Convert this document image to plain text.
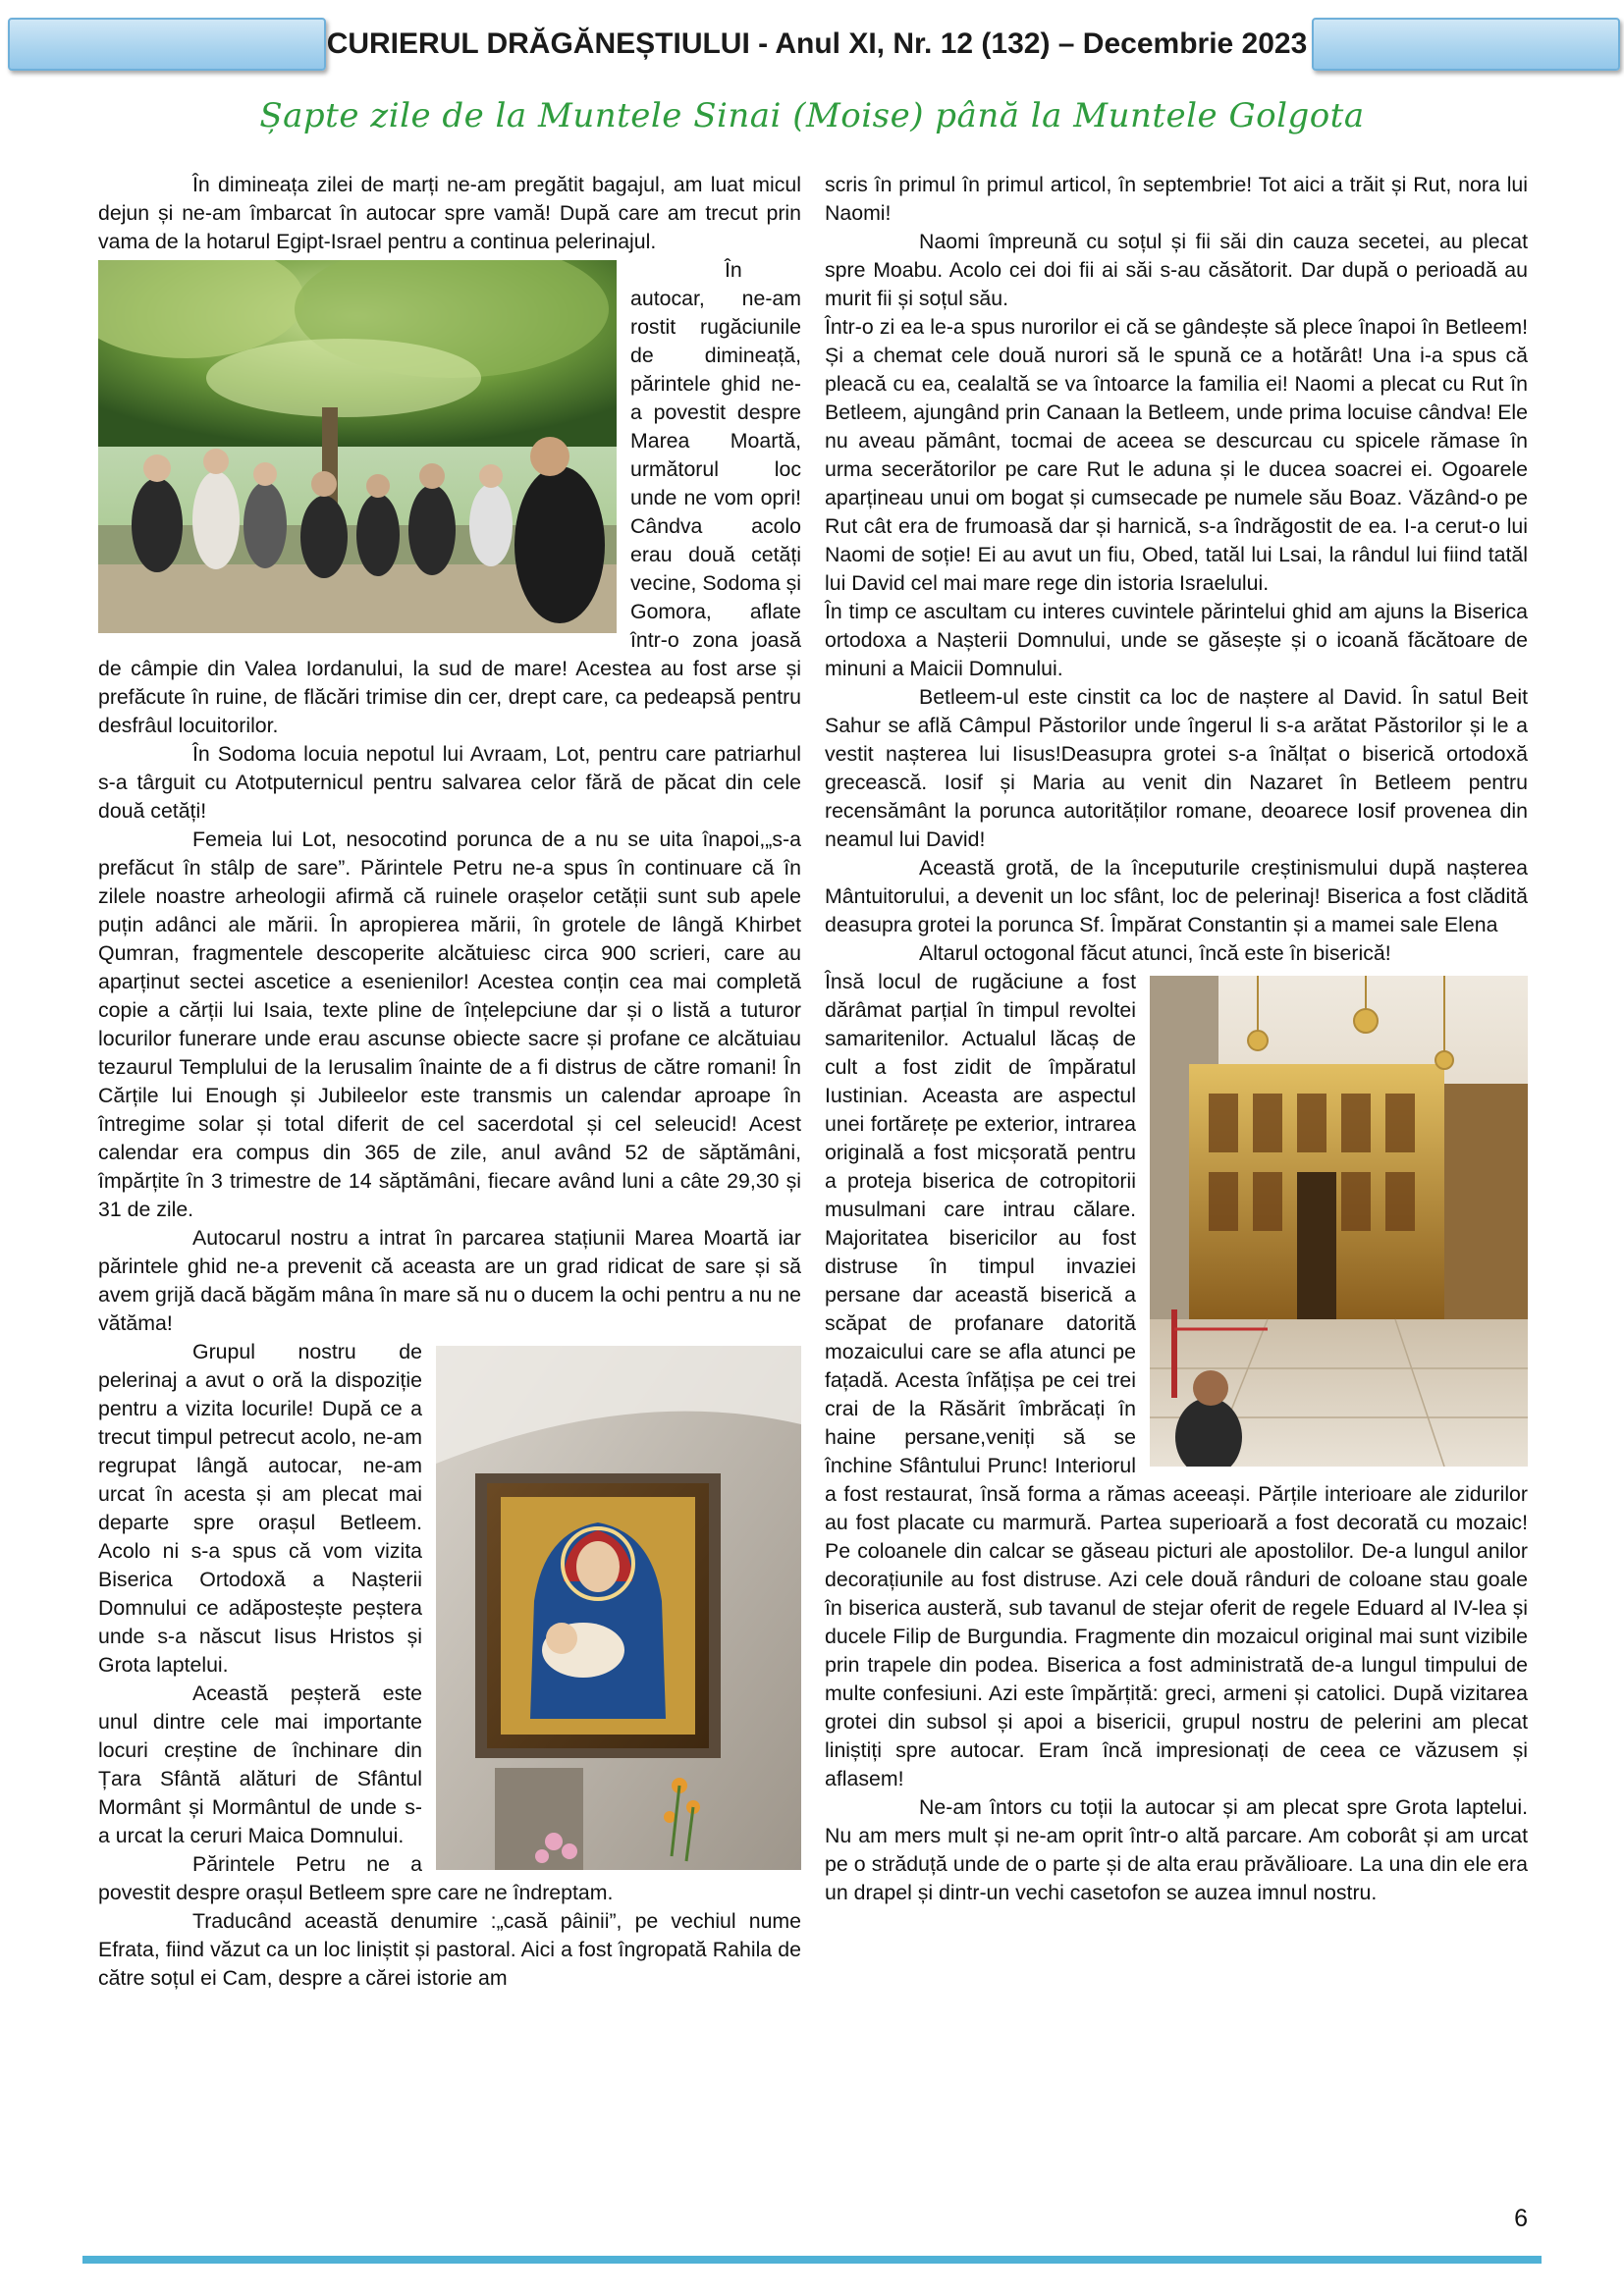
CURIERUL DRĂGĂNEȘTIULUI - Anul XI, Nr. 12 (132) – Decembrie 2023
Șapte zile de la Muntele Sinai (Moise) până la Muntele Golgota

În dimineața zilei de marți ne-am pregătit bagajul, am luat micul dejun și ne-am îmbarcat în autocar spre vamă! După care am trecut prin vama de la hotarul Egipt-Israel pentru a continua pelerinajul.

În autocar, ne-am rostit rugăciunile de dimineață, părintele ghid ne-a povestit despre Marea Moartă, următorul loc unde ne vom opri! Cândva acolo erau două cetăți vecine, Sodoma și Gomora, aflate într-o zona joasă de câmpie din Valea Iordanului, la sud de mare! Acestea au fost arse și prefăcute în ruine, de flăcări trimise din cer, drept care, ca pedeapsă pentru desfrâul locuitorilor.

În Sodoma locuia nepotul lui Avraam, Lot, pentru care patriarhul s-a târguit cu Atotputernicul pentru salvarea celor fără de păcat din cele două cetăți!

Femeia lui Lot, nesocotind porunca de a nu se uita înapoi,„s-a prefăcut în stâlp de sare”. Părintele Petru ne-a spus în continuare că în zilele noastre arheologii afirmă că ruinele orașelor cetății sunt sub apele puțin adânci ale mării. În apropierea mării, în grotele de lângă Khirbet Qumran, fragmentele descoperite alcătuiesc circa 900 scrieri, care au aparținut sectei ascetice a esenienilor! Acestea conțin cea mai completă copie a cărții lui Isaia, texte pline de înțelepciune dar și o listă a tuturor locurilor funerare unde erau ascunse obiecte sacre și profane ce alcătuiau tezaurul Templului de la Ierusalim înainte de a fi distrus de către romani! În Cărțile lui Enough și Jubileelor este transmis un calendar aproape în întregime solar și total diferit de cel sacerdotal și cel seleucid! Acest calendar era compus din 365 de zile, anul având 52 de săptămâni, împărțite în 3 trimestre de 14 săptămâni, fiecare având luni a câte 29,30 și 31 de zile.

Autocarul nostru a intrat în parcarea stațiunii Marea Moartă iar părintele ghid ne-a prevenit că aceasta are un grad ridicat de sare și să avem grijă dacă băgăm mâna în mare să nu o ducem la ochi pentru a nu ne vătăma!

Grupul nostru de pelerinaj a avut o oră la dispoziție pentru a vizita locurile! După ce a trecut timpul petrecut acolo, ne-am regrupat lângă autocar, ne-am urcat în acesta și am plecat mai departe spre orașul Betleem. Acolo ni s-a spus că vom vizita Biserica Ortodoxă a Nașterii Domnului ce adăpostește peștera unde s-a născut Iisus Hristos și Grota laptelui.

Această peșteră este unul dintre cele mai importante locuri creștine de închinare din Țara Sfântă alături de Sfântul Mormânt și Mormântul de unde s-a urcat la ceruri Maica Domnului.

Părintele Petru ne a povestit despre orașul Betleem spre care ne îndreptam.

Traducând această denumire :„casă pâinii”, pe vechiul nume Efrata, fiind văzut ca un loc liniștit și pastoral. Aici a fost îngropată Rahila de către soțul ei Cam, despre a cărei istorie am

scris în primul în primul articol, în septembrie! Tot aici a trăit și Rut, nora lui Naomi!

Naomi împreună cu soțul și fii săi din cauza secetei, au plecat spre Moabu. Acolo cei doi fii ai săi s-au căsătorit. Dar după o perioadă au murit fii și soțul său.

Într-o zi ea le-a spus nurorilor ei că se gândește să plece înapoi în Betleem! Și a chemat cele două nurori să le spună ce a hotărât! Una i-a spus că pleacă cu ea, cealaltă se va întoarce la familia ei! Naomi a plecat cu Rut în Betleem, ajungând prin Canaan la Betleem, unde prima locuise cândva! Ele nu aveau pământ, tocmai de aceea se descurcau cu spicele rămase în urma secerătorilor pe care Rut le aduna și le ducea soacrei ei. Ogoarele aparțineau unui om bogat și cumsecade pe numele său Boaz. Văzând-o pe Rut cât era de frumoasă dar și harnică, s-a îndrăgostit de ea. I-a cerut-o lui Naomi de soție! Ei au avut un fiu, Obed, tatăl lui Lsai, la rândul lui fiind tatăl lui David cel mai mare rege din istoria Israelului.

În timp ce ascultam cu interes cuvintele părintelui ghid am ajuns la Biserica ortodoxa a Nașterii Domnului, unde se găsește și o icoană făcătoare de minuni a Maicii Domnului.

Betleem-ul este cinstit ca loc de naștere al David. În satul Beit Sahur se află Câmpul Păstorilor unde îngerul li s-a arătat Păstorilor și le a vestit nașterea lui Iisus!Deasupra grotei s-a înălțat o biserică ortodoxă grecească. Iosif și Maria au venit din Nazaret în Betleem pentru recensământ la porunca autorităților romane, deoarece Iosif provenea din neamul lui David!

Această grotă, de la începuturile creștinismului după nașterea Mântuitorului, a devenit un loc sfânt, loc de pelerinaj! Biserica a fost clădită deasupra grotei la porunca Sf. Împărat Constantin și a mamei sale Elena

Altarul octogonal făcut atunci, încă este în biserică!

Însă locul de rugăciune a fost dărâmat parțial în timpul revoltei samaritenilor. Actualul lăcaș de cult a fost zidit de împăratul Iustinian. Aceasta are aspectul unei fortărețe pe exterior, intrarea originală a fost micșorată pentru a proteja biserica de cotropitorii musulmani care intrau călare. Majoritatea bisericilor au fost distruse în timpul invaziei persane dar această biserică a scăpat de profanare datorită mozaicului care se afla atunci pe fațadă. Acesta înfățișa pe cei trei crai de la Răsărit îmbrăcați în haine persane,veniți să se închine Sfântului Prunc! Interiorul a fost restaurat, însă forma a rămas aceeași. Părțile interioare ale zidurilor au fost placate cu marmură. Partea superioară a fost decorată cu mozaic! Pe coloanele din calcar se găseau picturi ale apostolilor. De-a lungul anilor decorațiunile au fost distruse. Azi cele două rânduri de coloane stau goale în biserica austeră, sub tavanul de stejar oferit de regele Eduard al IV-lea și ducele Filip de Burgundia. Fragmente din mozaicul original mai sunt vizibile prin trapele din podea. Biserica a fost administrată de-a lungul timpului de multe confesiuni. Azi este împărțită: greci, armeni și catolici. După vizitarea grotei din subsol și apoi a bisericii, grupul nostru de pelerini am plecat liniștiți spre autocar. Eram încă impresionați de ceea ce văzusem și aflasem!

Ne-am întors cu toții la autocar și am plecat spre Grota laptelui. Nu am mers mult și ne-am oprit într-o altă parcare. Am coborât și am urcat pe o străduță unde de o parte și de alta erau prăvălioare. La una din ele era un drapel și dintr-un vechi casetofon se auzea imnul nostru.

6
